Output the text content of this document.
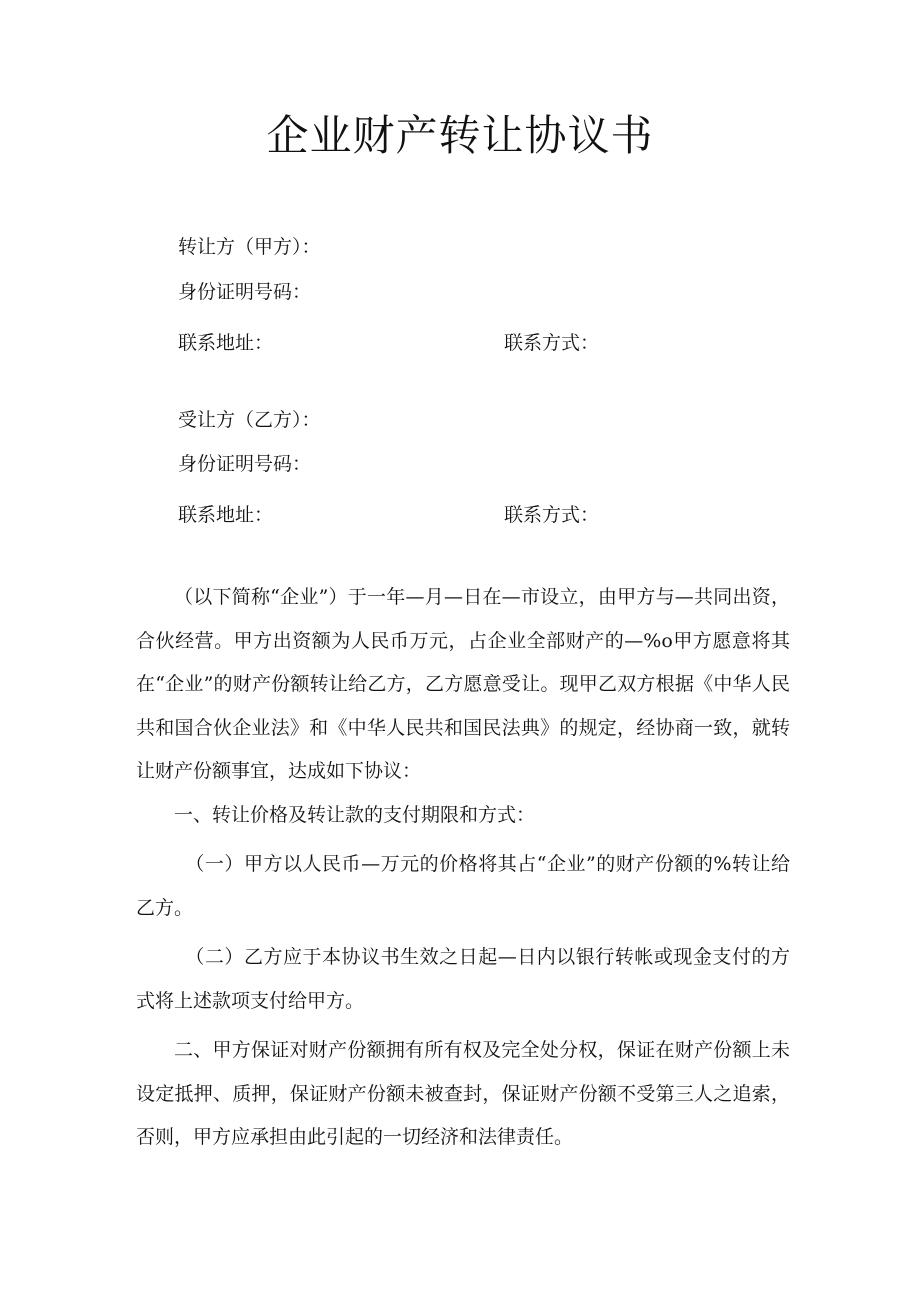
企业财产转让协议书
转让方（甲方）：
身份证明号码：
联系地址：	联系方式：
受让方（乙方）：
身份证明号码：
联系地址：	联系方式：

（以下简称“企业”）于一年—月—日在—市设立，由甲方与—共同出资，合伙经营。甲方出资额为人民币万元，占企业全部财产的—%o甲方愿意将其在“企业”的财产份额转让给乙方，乙方愿意受让。现甲乙双方根据《中华人民共和国合伙企业法》和《中华人民共和国民法典》的规定，经协商一致，就转让财产份额事宜，达成如下协议：

一、转让价格及转让款的支付期限和方式：

（一）甲方以人民币—万元的价格将其占“企业”的财产份额的%转让给乙方。

（二）乙方应于本协议书生效之日起—日内以银行转帐或现金支付的方式将上述款项支付给甲方。

二、甲方保证对财产份额拥有所有权及完全处分权，保证在财产份额上未设定抵押、质押，保证财产份额未被查封，保证财产份额不受第三人之追索，否则，甲方应承担由此引起的一切经济和法律责任。
